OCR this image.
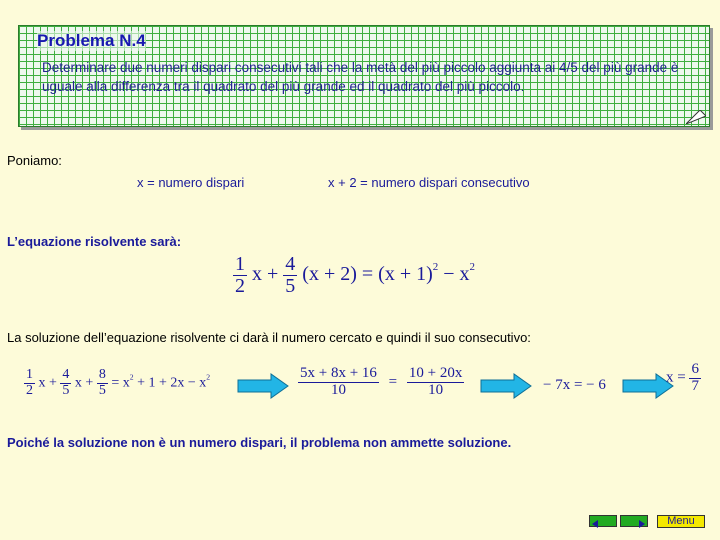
Problema N.4
Determinare due numeri dispari consecutivi tali che la metà del più piccolo aggiunta ai 4/5 del più grande è uguale alla differenza tra il quadrato del più grande ed il quadrato del più piccolo.
Poniamo:
x = numero dispari	x + 2 = numero dispari consecutivo
L’equazione risolvente sarà:
$\frac{1}{2}$ $x + \frac{4}{5} (x + 2) = (x + 1)^2 - x^2$
La soluzione dell’equazione risolvente ci darà il numero cercato e quindi il suo consecutivo:
$\frac{1}{2}$ $x + \frac{4}{5}$ $x + \frac{8}{5} = x^2 + 1 + 2x - x^2$	$\frac{5x + 8x + 16}{10} = \frac{10 + 20x}{10}$	− 7x = − 6	$x = \frac{6}{7}$
Poiché la soluzione non è un numero dispari, il problema non ammette soluzione.
Menu
